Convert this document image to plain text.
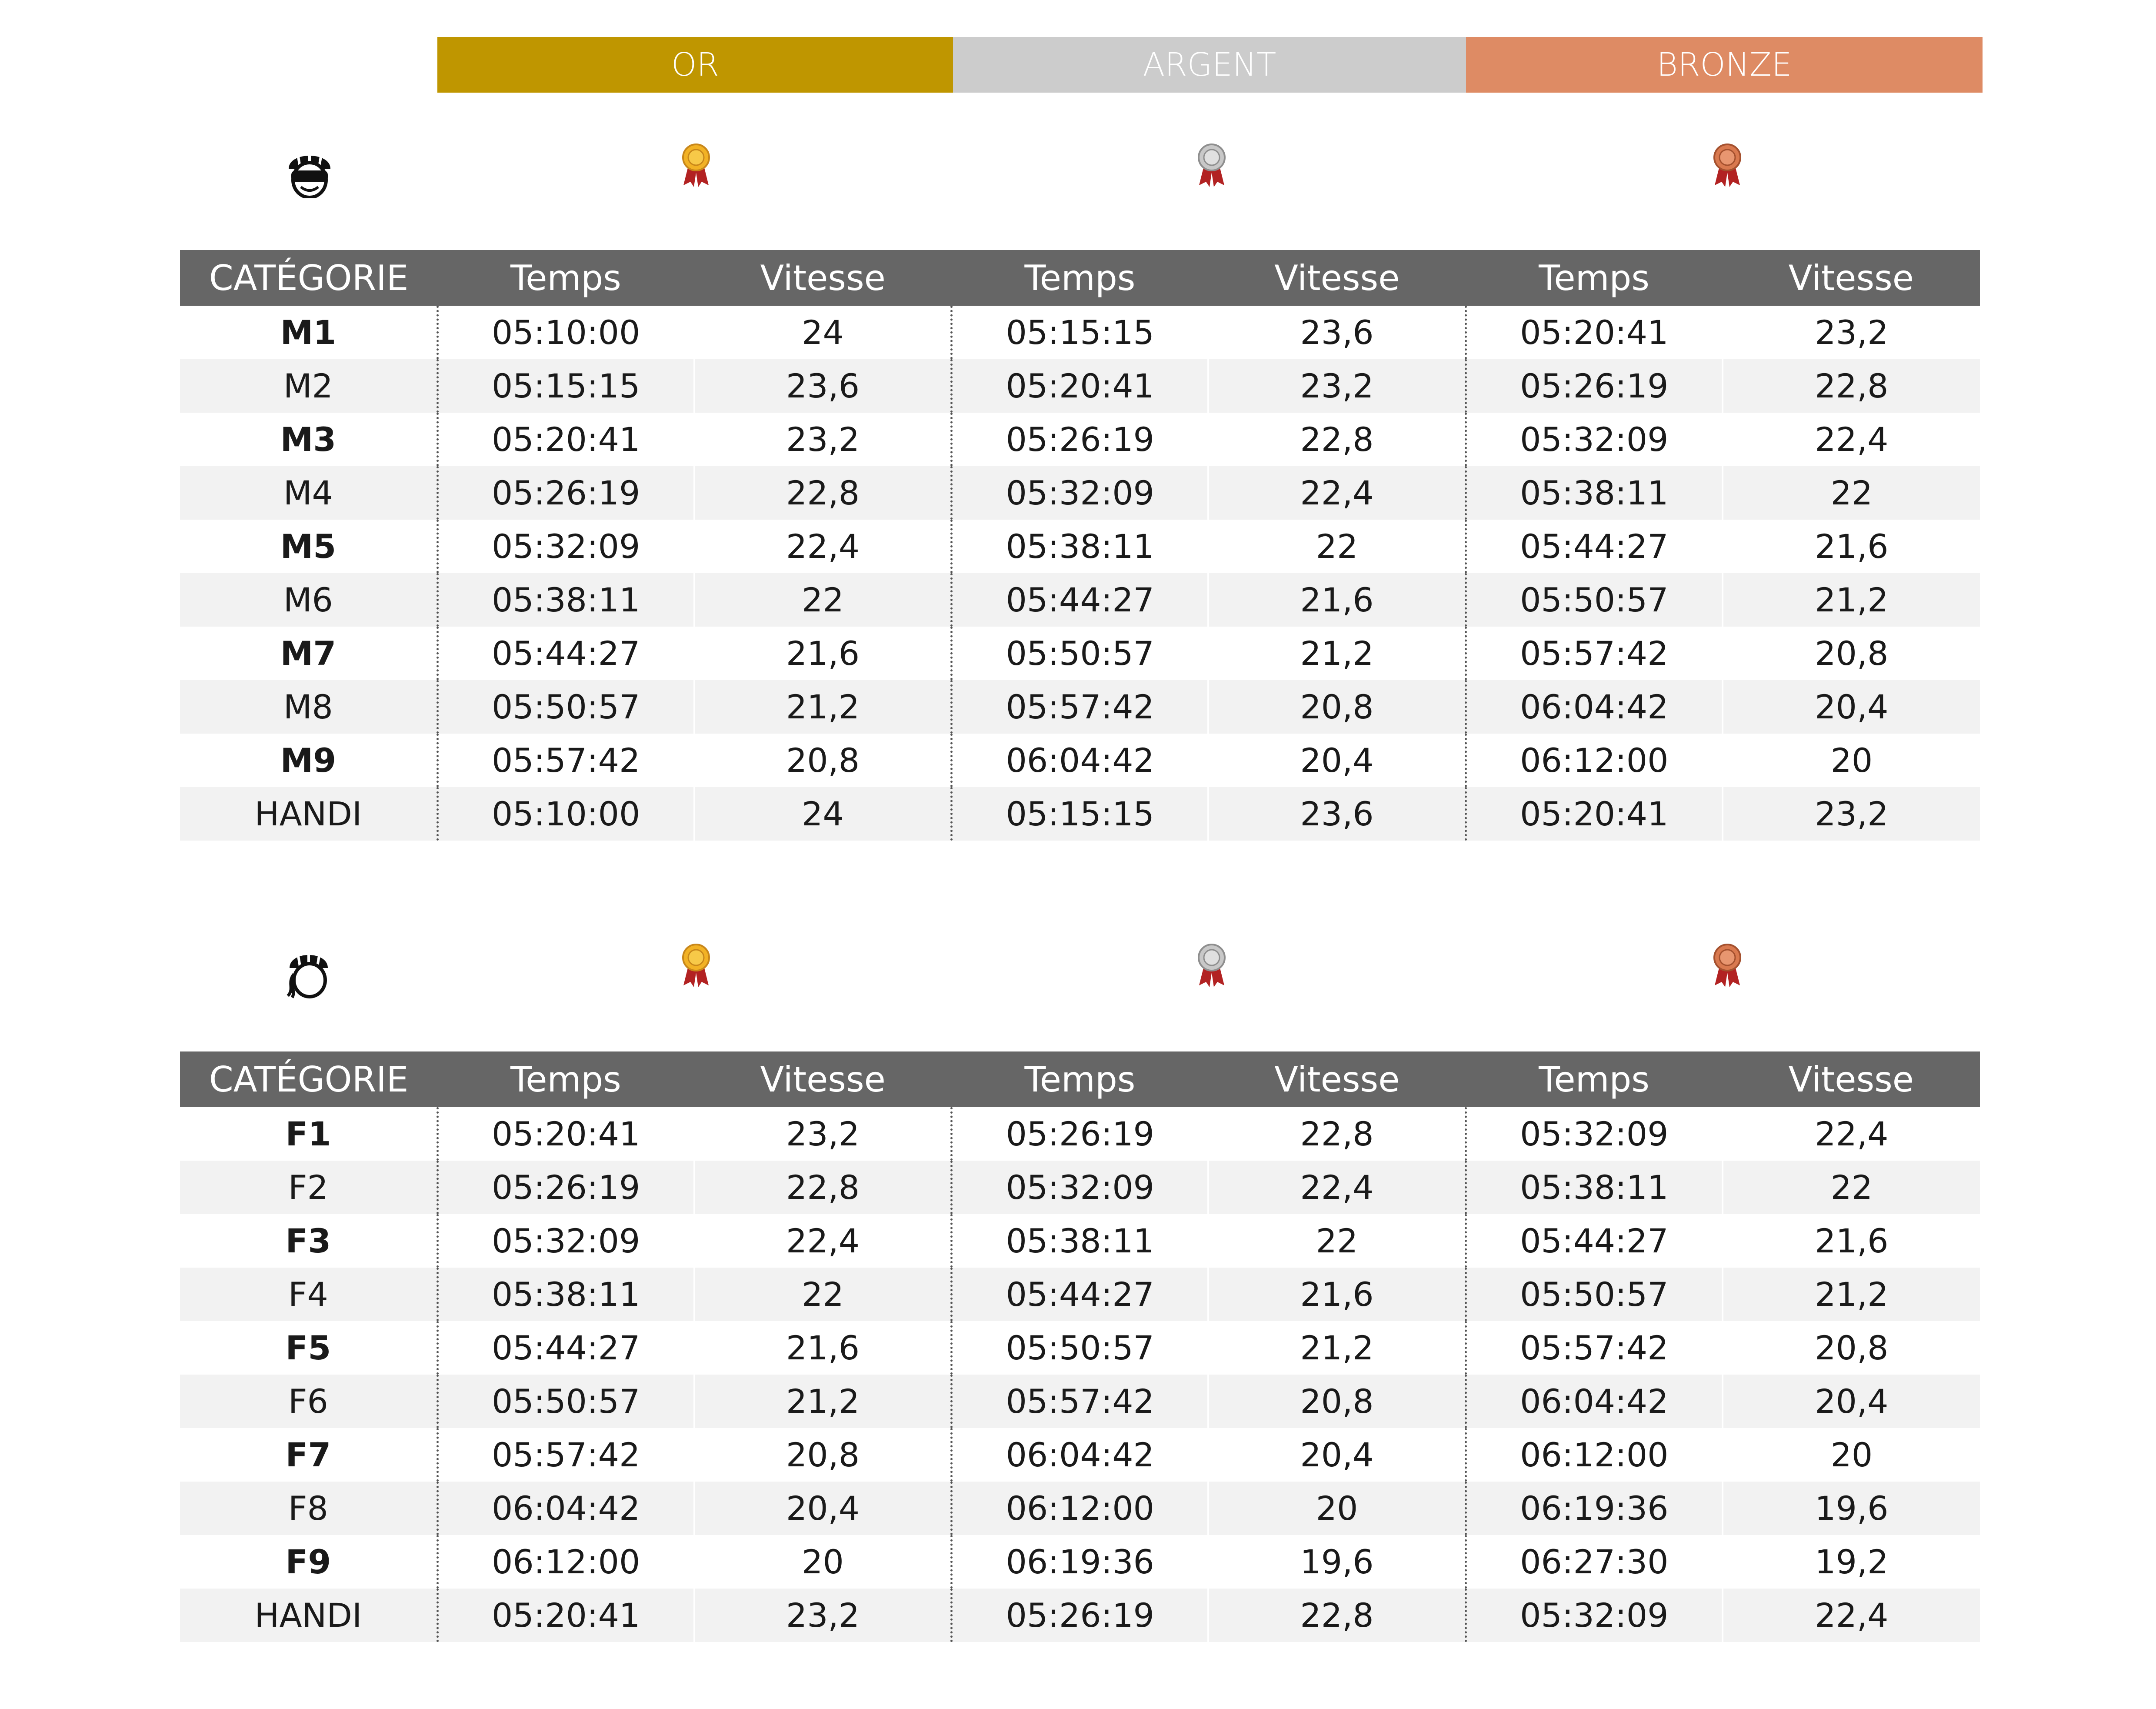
OR	ARGENT	BRONZE
CATÉGORIE	Temps	Vitesse	Temps	Vitesse	Temps	Vitesse
M1	05:10:00	24	05:15:15	23,6	05:20:41	23,2
M2	05:15:15	23,6	05:20:41	23,2	05:26:19	22,8
M3	05:20:41	23,2	05:26:19	22,8	05:32:09	22,4
M4	05:26:19	22,8	05:32:09	22,4	05:38:11	22
M5	05:32:09	22,4	05:38:11	22	05:44:27	21,6
M6	05:38:11	22	05:44:27	21,6	05:50:57	21,2
M7	05:44:27	21,6	05:50:57	21,2	05:57:42	20,8
M8	05:50:57	21,2	05:57:42	20,8	06:04:42	20,4
M9	05:57:42	20,8	06:04:42	20,4	06:12:00	20
HANDI	05:10:00	24	05:15:15	23,6	05:20:41	23,2
CATÉGORIE	Temps	Vitesse	Temps	Vitesse	Temps	Vitesse
F1	05:20:41	23,2	05:26:19	22,8	05:32:09	22,4
F2	05:26:19	22,8	05:32:09	22,4	05:38:11	22
F3	05:32:09	22,4	05:38:11	22	05:44:27	21,6
F4	05:38:11	22	05:44:27	21,6	05:50:57	21,2
F5	05:44:27	21,6	05:50:57	21,2	05:57:42	20,8
F6	05:50:57	21,2	05:57:42	20,8	06:04:42	20,4
F7	05:57:42	20,8	06:04:42	20,4	06:12:00	20
F8	06:04:42	20,4	06:12:00	20	06:19:36	19,6
F9	06:12:00	20	06:19:36	19,6	06:27:30	19,2
HANDI	05:20:41	23,2	05:26:19	22,8	05:32:09	22,4
